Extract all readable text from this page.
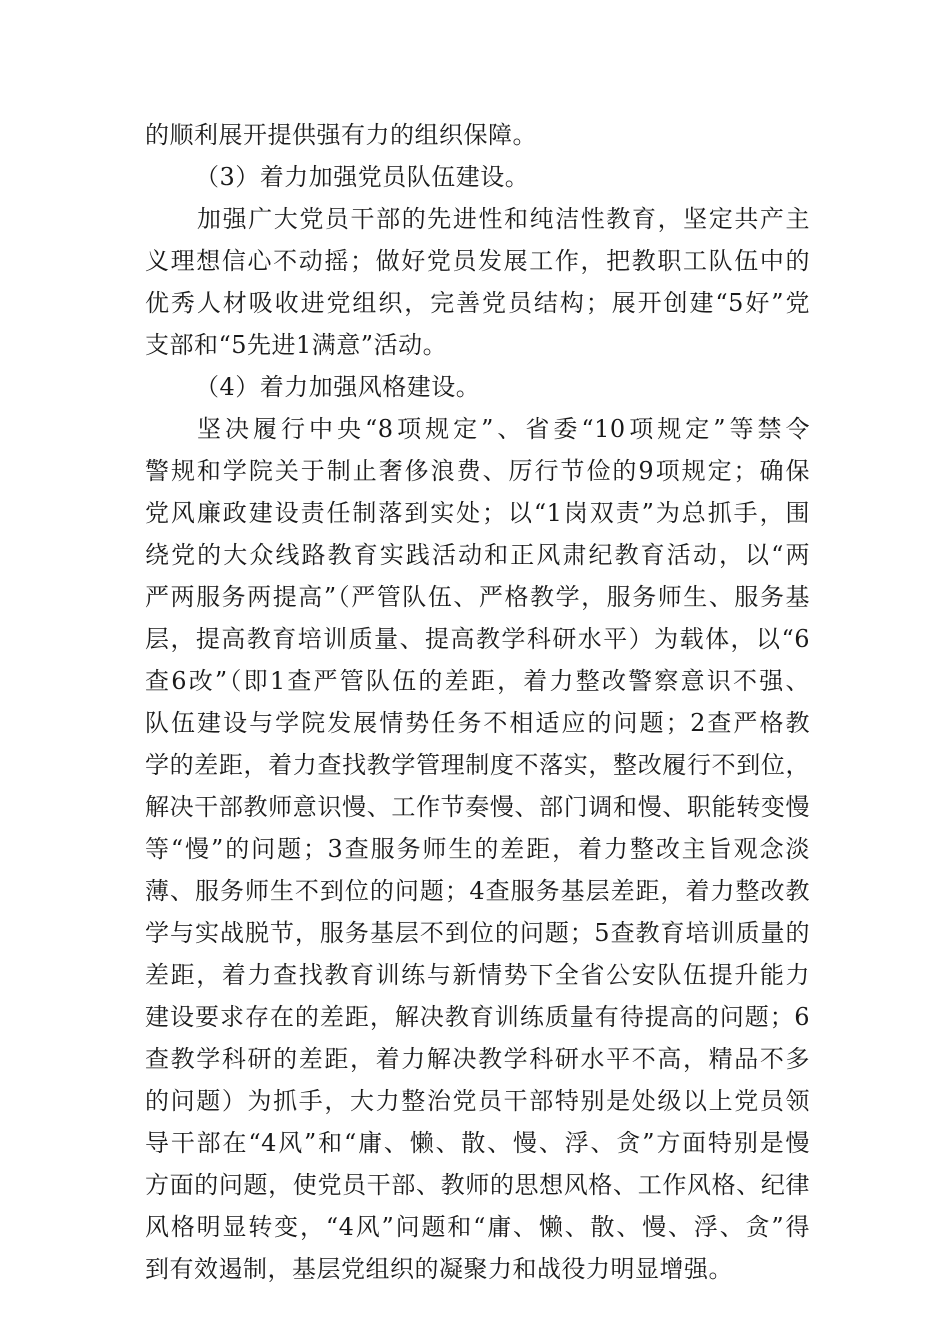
的顺利展开提供强有力的组织保障。
（3）着力加强党员队伍建设。
加强广大党员干部的先进性和纯洁性教育，坚定共产主
义理想信心不动摇；做好党员发展工作，把教职工队伍中的
优秀人材吸收进党组织，完善党员结构；展开创建“5好”党
支部和“5先进1满意”活动。
（4）着力加强风格建设。
坚决履行中央“8项规定”、省委“10项规定”等禁令
警规和学院关于制止奢侈浪费、厉行节俭的9项规定；确保
党风廉政建设责任制落到实处；以“1岗双责”为总抓手，围
绕党的大众线路教育实践活动和正风肃纪教育活动，以“两
严两服务两提高”（严管队伍、严格教学，服务师生、服务基
层，提高教育培训质量、提高教学科研水平）为载体，以“6
查6改”（即1查严管队伍的差距，着力整改警察意识不强、
队伍建设与学院发展情势任务不相适应的问题；2查严格教
学的差距，着力查找教学管理制度不落实，整改履行不到位，
解决干部教师意识慢、工作节奏慢、部门调和慢、职能转变慢
等“慢”的问题；3查服务师生的差距，着力整改主旨观念淡
薄、服务师生不到位的问题；4查服务基层差距，着力整改教
学与实战脱节，服务基层不到位的问题；5查教育培训质量的
差距，着力查找教育训练与新情势下全省公安队伍提升能力
建设要求存在的差距，解决教育训练质量有待提高的问题；6
查教学科研的差距，着力解决教学科研水平不高，精品不多
的问题）为抓手，大力整治党员干部特别是处级以上党员领
导干部在“4风”和“庸、懒、散、慢、浮、贪”方面特别是慢
方面的问题，使党员干部、教师的思想风格、工作风格、纪律
风格明显转变，“4风”问题和“庸、懒、散、慢、浮、贪”得
到有效遏制，基层党组织的凝聚力和战役力明显增强。
